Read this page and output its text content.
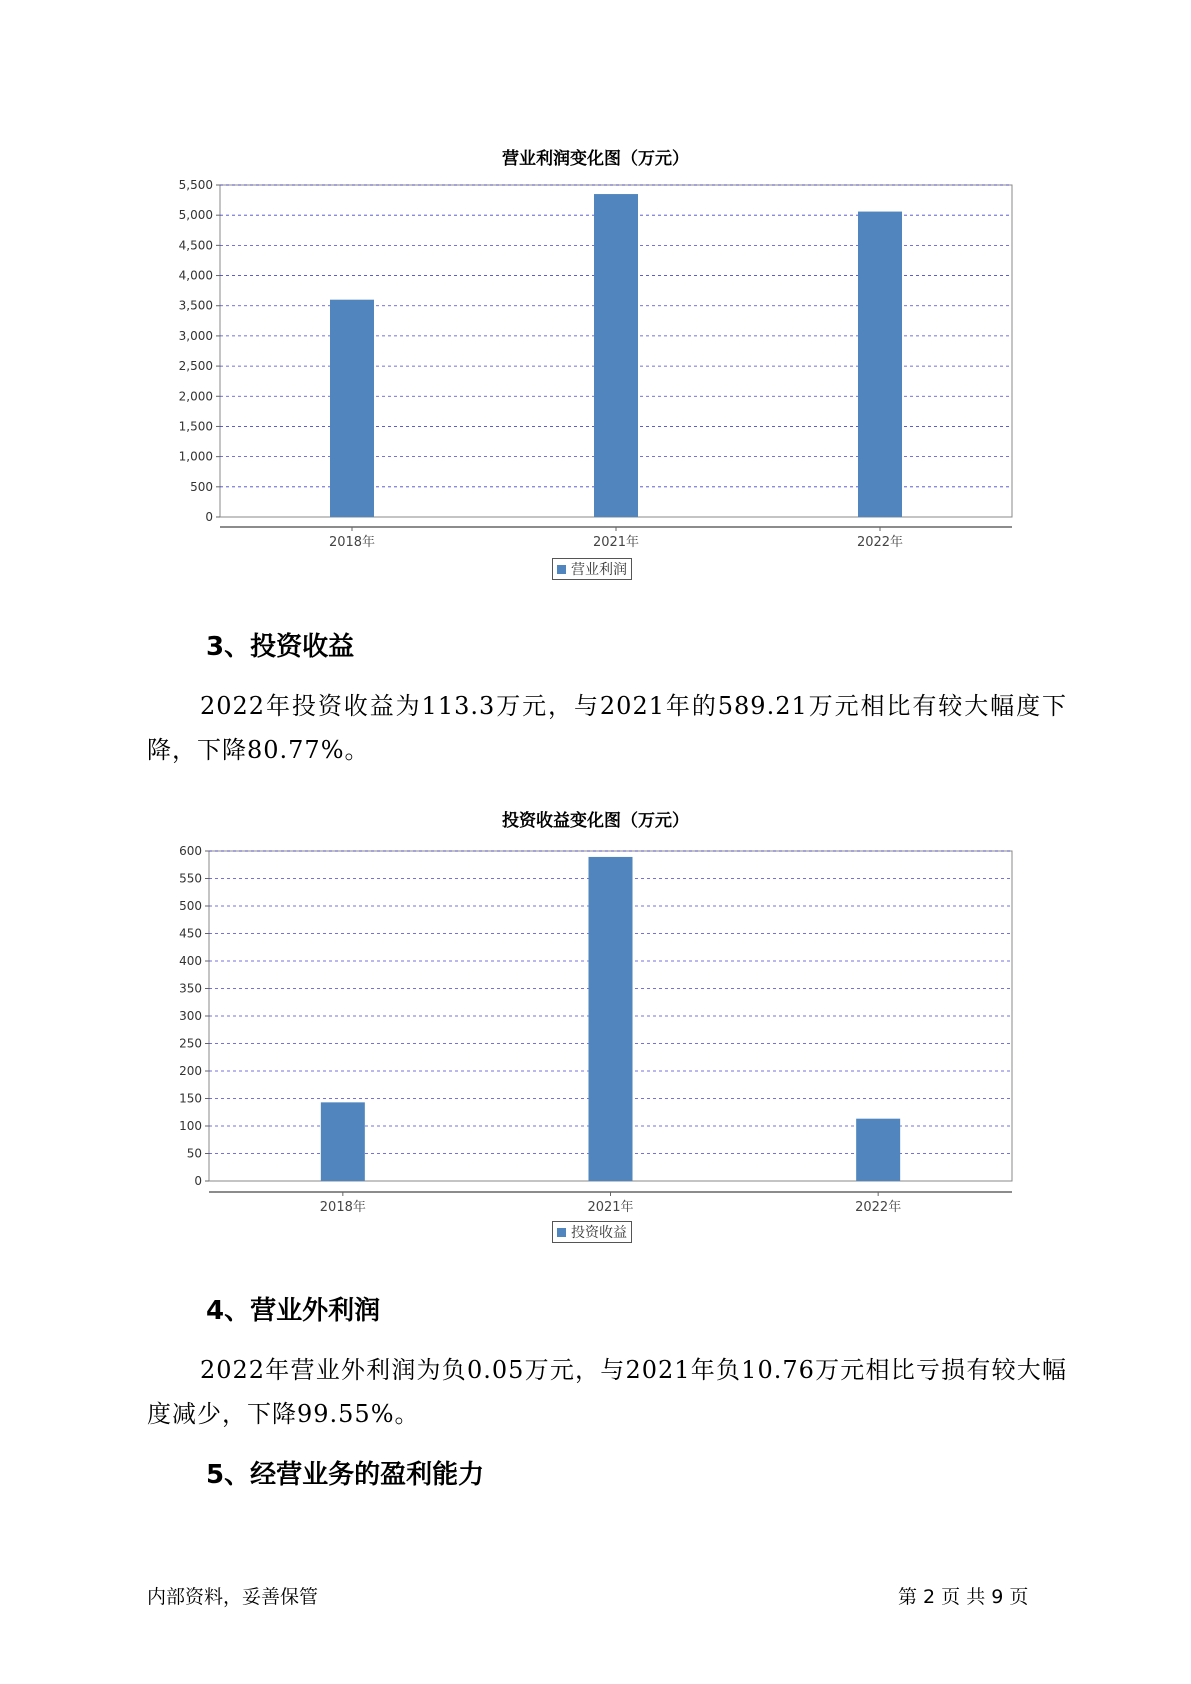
营业利润变化图（万元）
0
500
1,000
1,500
2,000
2,500
3,000
3,500
4,000
4,500
5,000
5,500
2018年	2021年	2022年
营业利润
3、投资收益
2022年投资收益为113.3万元，与2021年的589.21万元相比有较大幅度下降，下降80.77%。
投资收益变化图（万元）
0
50
100
150
200
250
300
350
400
450
500
550
600
2018年	2021年	2022年
投资收益
4、营业外利润
2022年营业外利润为负0.05万元，与2021年负10.76万元相比亏损有较大幅度减少，下降99.55%。
5、经营业务的盈利能力
内部资料，妥善保管	第 2 页 共 9 页
